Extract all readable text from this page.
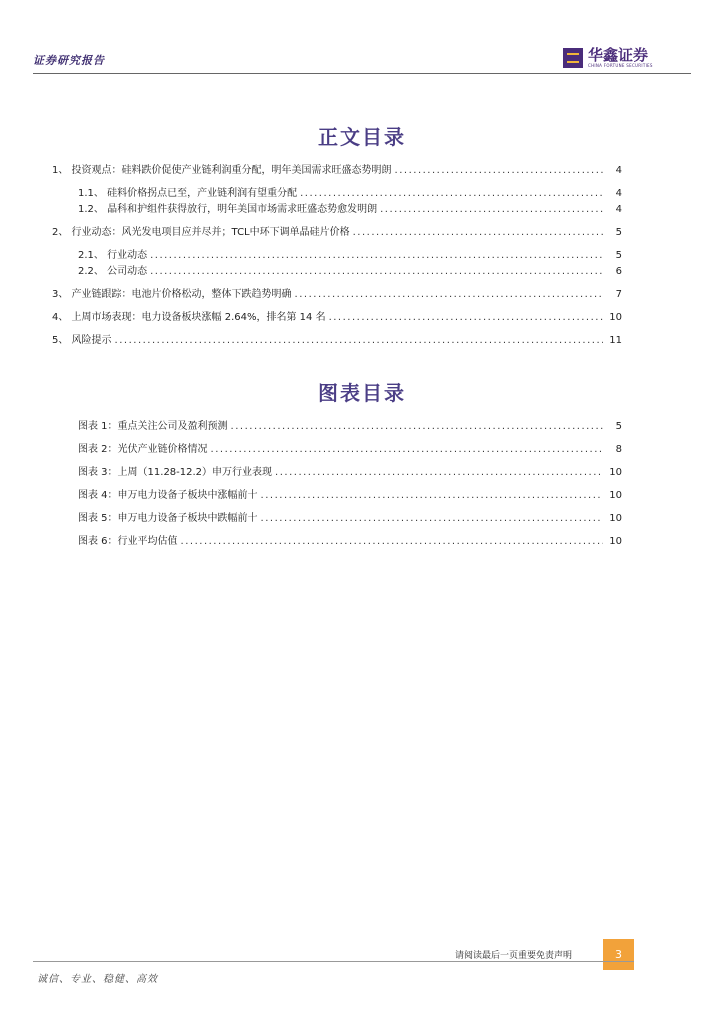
证券研究报告	华鑫证券
CHINA FORTUNE SECURITIES
正文目录
1、 投资观点：硅料跌价促使产业链利润重分配，明年美国需求旺盛态势明朗 .....	4
1.1、 硅料价格拐点已至，产业链利润有望重分配 .....	4
1.2、 晶科和护组件获得放行，明年美国市场需求旺盛态势愈发明朗 .....	4
2、 行业动态：风光发电项目应并尽并；TCL中环下调单晶硅片价格 .....	5
2.1、 行业动态 .....	5
2.2、 公司动态 .....	6
3、 产业链跟踪：电池片价格松动，整体下跌趋势明确 .....	7
4、 上周市场表现：电力设备板块涨幅 2.64%，排名第 14 名 .....	10
5、 风险提示 .....	11
图表目录
图表 1：重点关注公司及盈利预测 .....	5
图表 2：光伏产业链价格情况 .....	8
图表 3：上周（11.28-12.2）申万行业表现 .....	10
图表 4：申万电力设备子板块中涨幅前十 .....	10
图表 5：申万电力设备子板块中跌幅前十 .....	10
图表 6：行业平均估值 .....	10
请阅读最后一页重要免责声明	3
诚信、专业、稳健、高效
